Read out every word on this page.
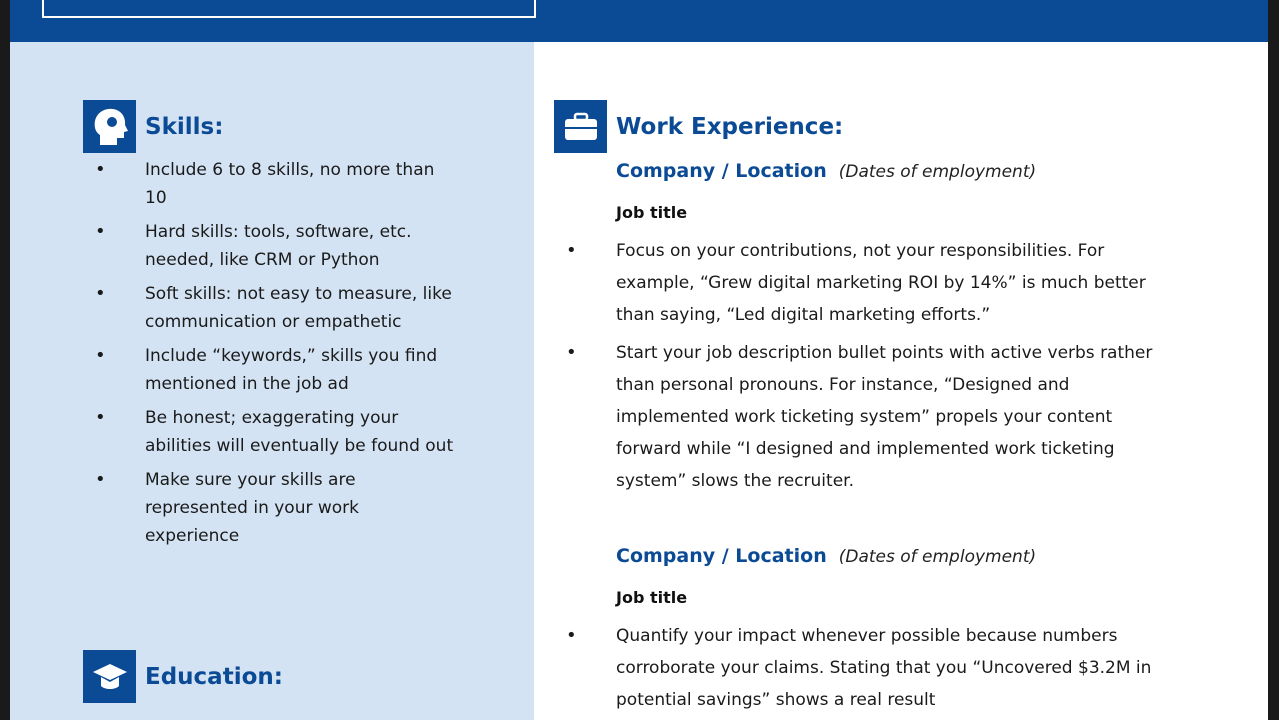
Skills:
• Include 6 to 8 skills, no more than 10
• Hard skills: tools, software, etc. needed, like CRM or Python
• Soft skills: not easy to measure, like communication or empathetic
• Include “keywords,” skills you find mentioned in the job ad
• Be honest; exaggerating your abilities will eventually be found out
• Make sure your skills are represented in your work experience
Education:
Work Experience:
Company / Location (Dates of employment)
Job title
• Focus on your contributions, not your responsibilities. For example, “Grew digital marketing ROI by 14%” is much better than saying, “Led digital marketing efforts.”
• Start your job description bullet points with active verbs rather than personal pronouns. For instance, “Designed and implemented work ticketing system” propels your content forward while “I designed and implemented work ticketing system” slows the recruiter.
Company / Location (Dates of employment)
Job title
• Quantify your impact whenever possible because numbers corroborate your claims. Stating that you “Uncovered $3.2M in potential savings” shows a real result
